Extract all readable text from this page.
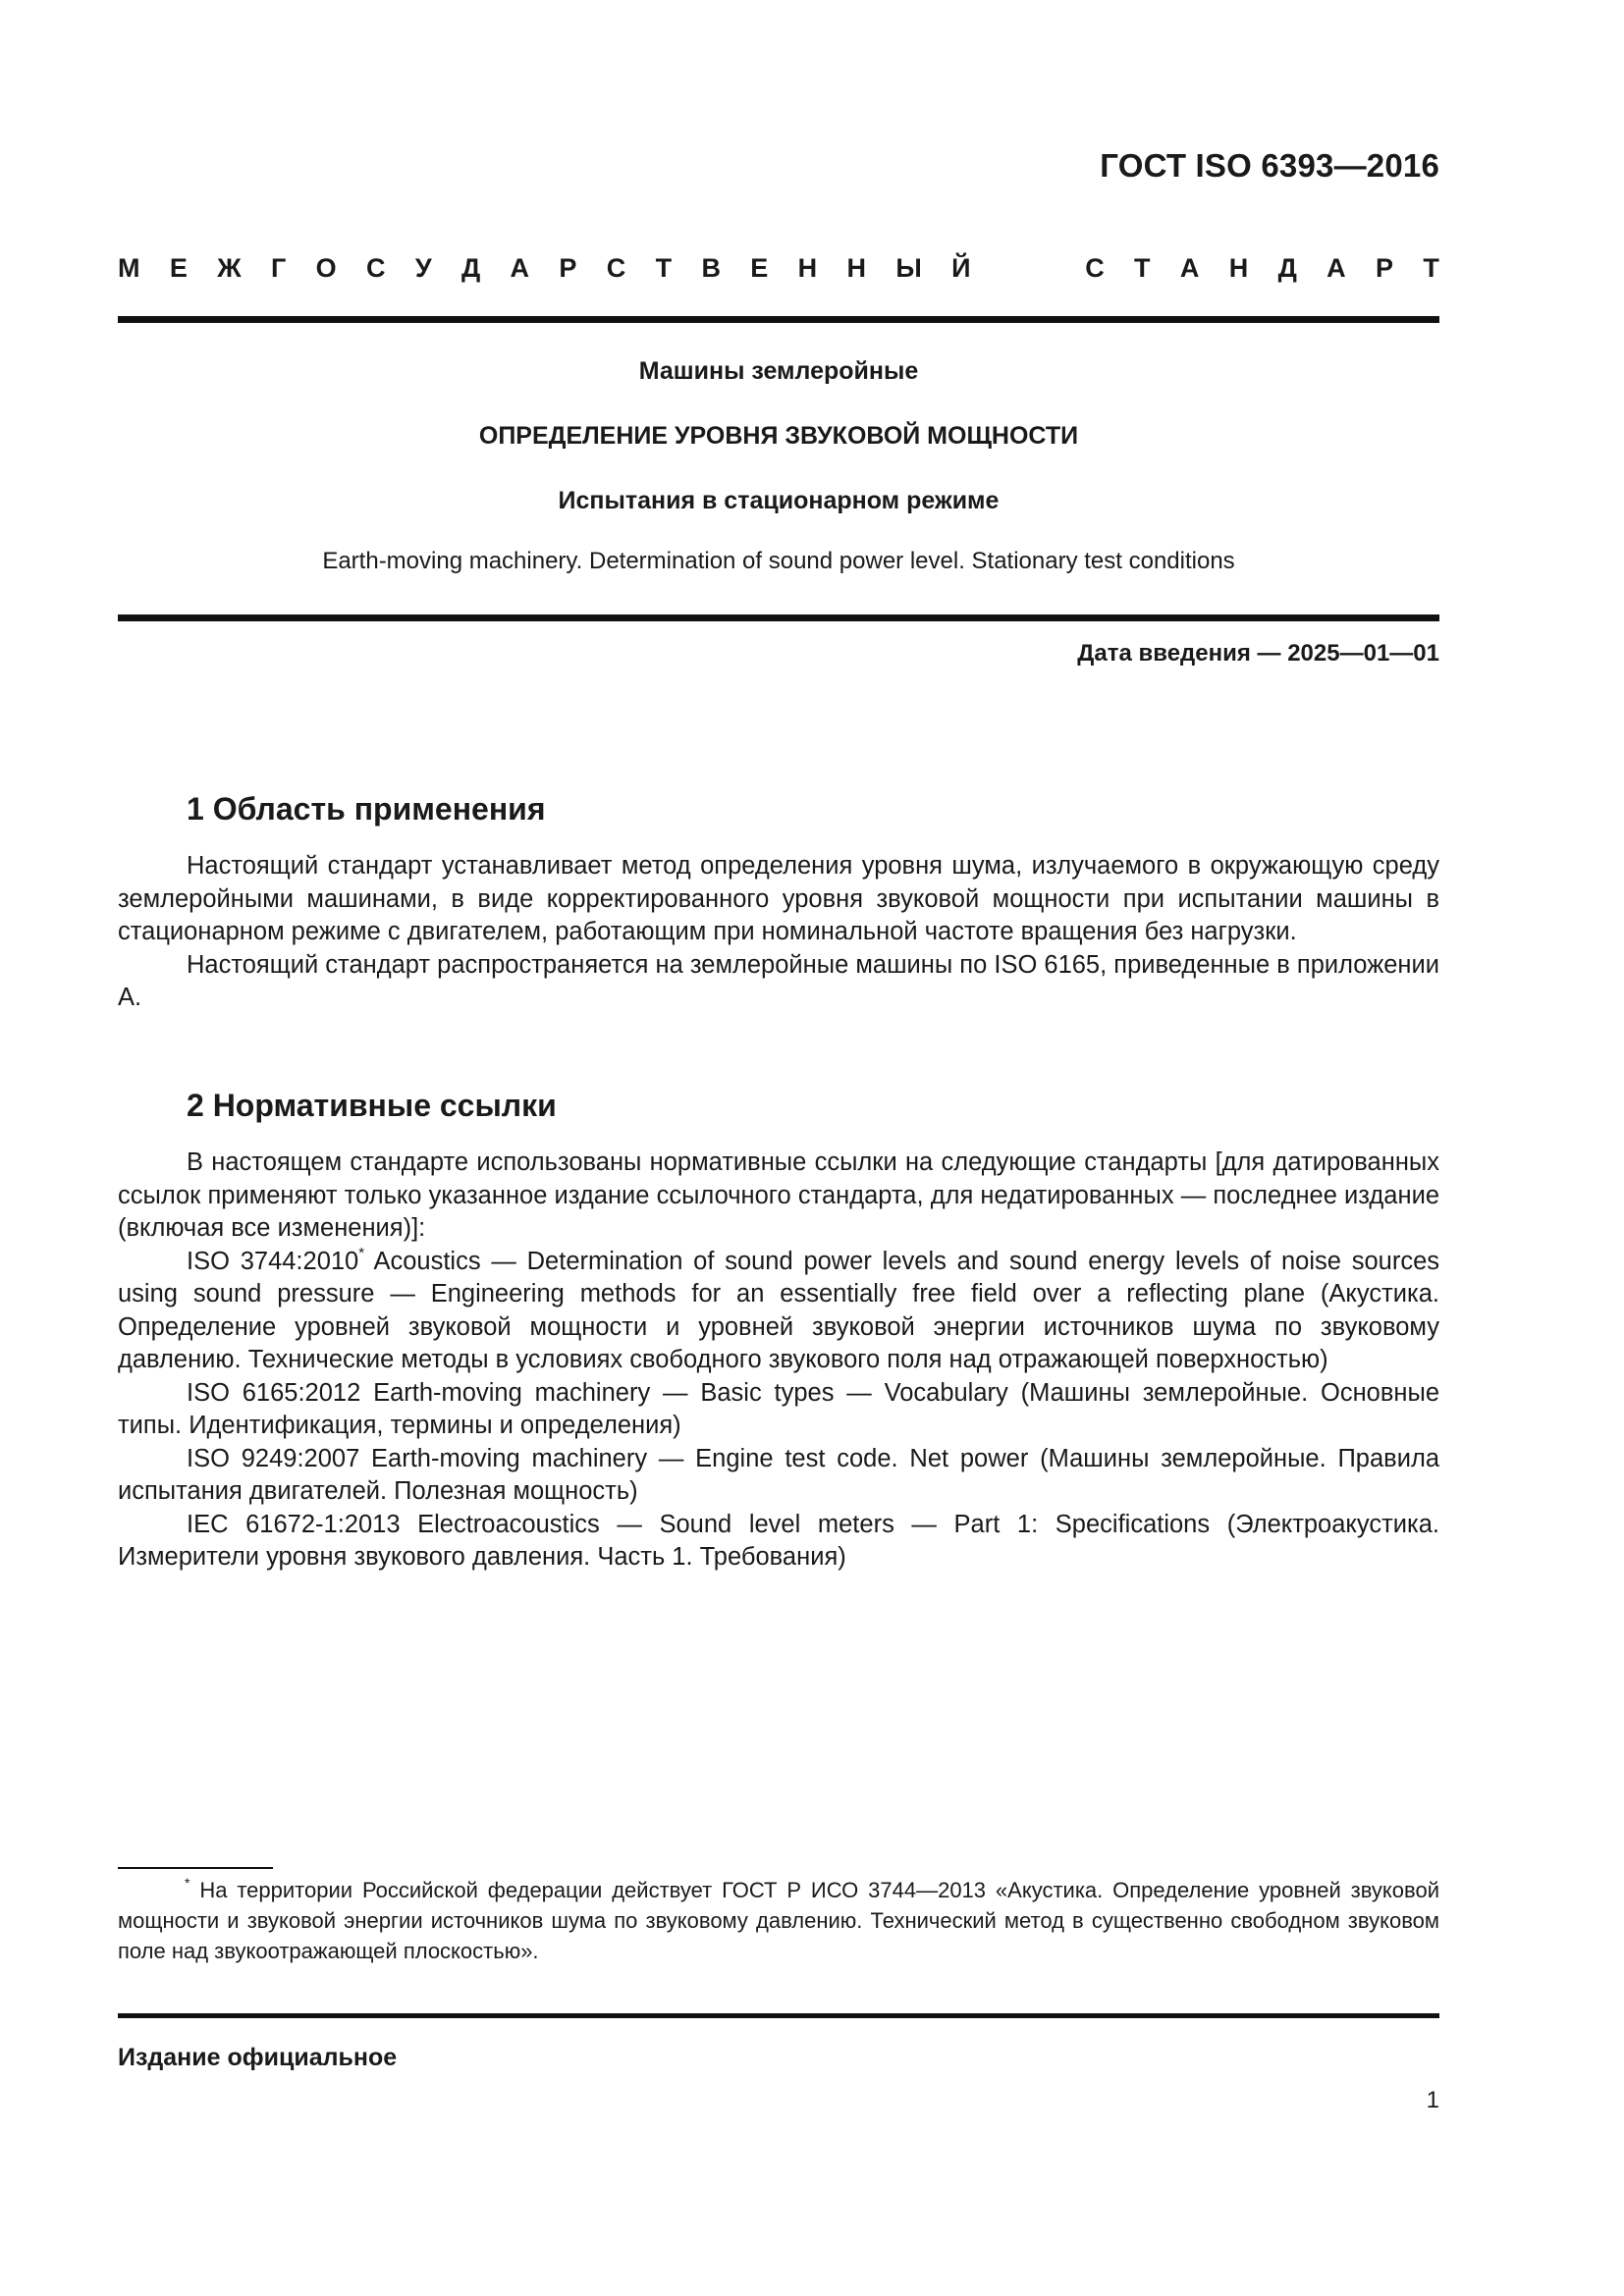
ГОСТ ISO 6393—2016
М Е Ж Г О С У Д А Р С Т В Е Н Н Ы Й	С Т А Н Д А Р Т
Машины землеройные
ОПРЕДЕЛЕНИЕ УРОВНЯ ЗВУКОВОЙ МОЩНОСТИ
Испытания в стационарном режиме
Earth-moving machinery. Determination of sound power level. Stationary test conditions
Дата введения — 2025—01—01
1 Область применения

Настоящий стандарт устанавливает метод определения уровня шума, излучаемого в окружающую среду землеройными машинами, в виде корректированного уровня звуковой мощности при испытании машины в стационарном режиме с двигателем, работающим при номинальной частоте вращения без нагрузки.

Настоящий стандарт распространяется на землеройные машины по ISO 6165, приведенные в приложении А.

2 Нормативные ссылки

В настоящем стандарте использованы нормативные ссылки на следующие стандарты [для датированных ссылок применяют только указанное издание ссылочного стандарта, для недатированных — последнее издание (включая все изменения)]:

ISO 3744:2010* Acoustics — Determination of sound power levels and sound energy levels of noise sources using sound pressure — Engineering methods for an essentially free field over a reflecting plane (Акустика. Определение уровней звуковой мощности и уровней звуковой энергии источников шума по звуковому давлению. Технические методы в условиях свободного звукового поля над отражающей поверхностью)

ISO 6165:2012 Earth-moving machinery — Basic types — Vocabulary (Машины землеройные. Основные типы. Идентификация, термины и определения)

ISO 9249:2007 Earth-moving machinery — Engine test code. Net power (Машины землеройные. Правила испытания двигателей. Полезная мощность)

IEC 61672-1:2013 Electroacoustics — Sound level meters — Part 1: Specifications (Электроакустика. Измерители уровня звукового давления. Часть 1. Требования)

* На территории Российской федерации действует ГОСТ Р ИСО 3744—2013 «Акустика. Определение уровней звуковой мощности и звуковой энергии источников шума по звуковому давлению. Технический метод в существенно свободном звуковом поле над звукоотражающей плоскостью».

Издание официальное
1
